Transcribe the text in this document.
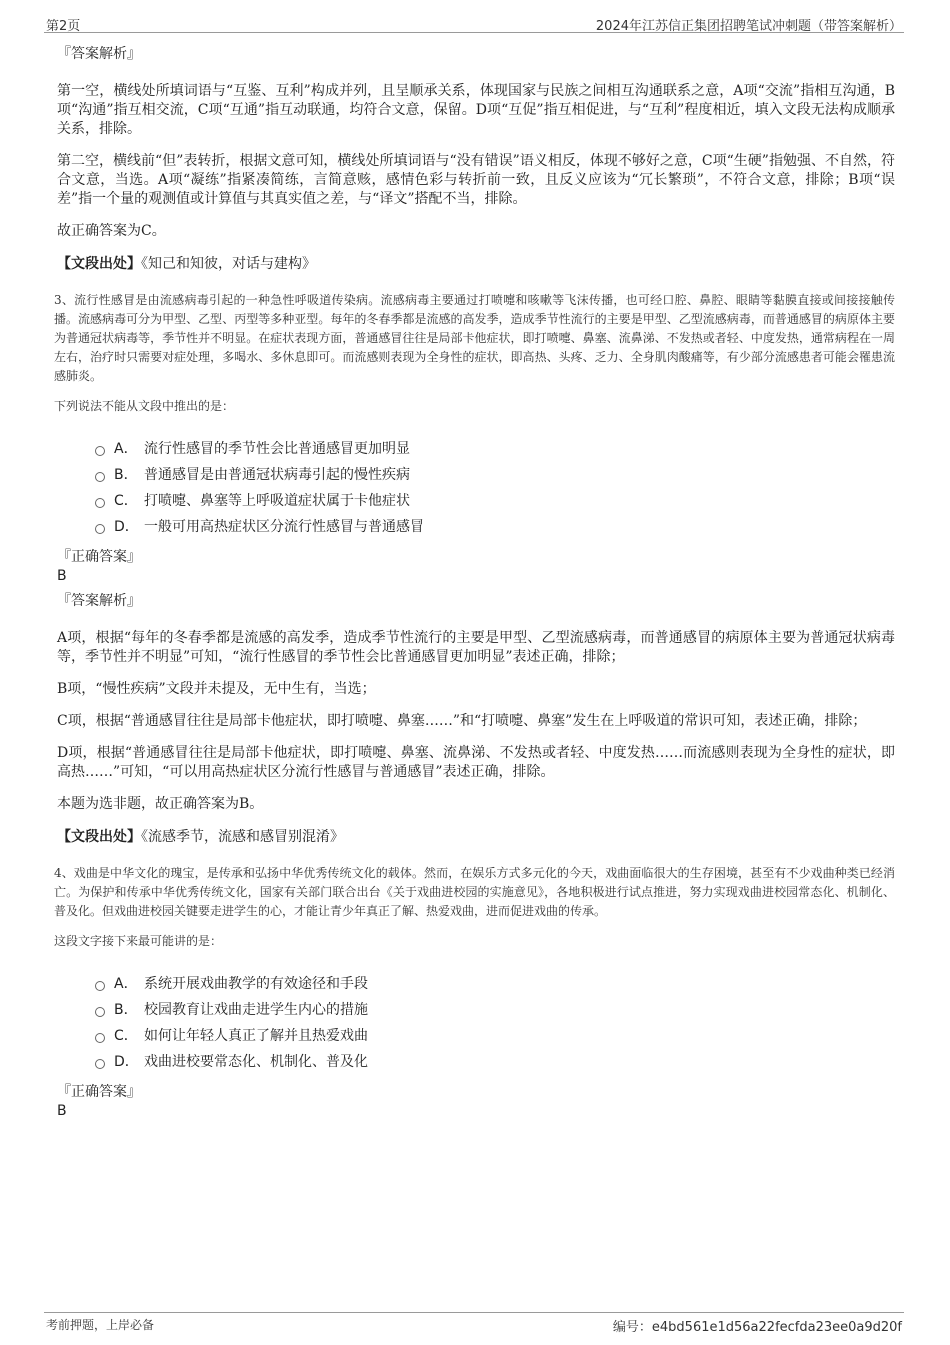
第2页	2024年江苏信正集团招聘笔试冲刺题（带答案解析）
『答案解析』

第一空，横线处所填词语与“互鉴、互利”构成并列，且呈顺承关系，体现国家与民族之间相互沟通联系之意，A项“交流”指相互沟通，B项“沟通”指互相交流，C项“互通”指互动联通，均符合文意，保留。D项“互促”指互相促进，与“互利”程度相近，填入文段无法构成顺承关系，排除。

第二空，横线前“但”表转折，根据文意可知，横线处所填词语与“没有错误”语义相反，体现不够好之意，C项“生硬”指勉强、不自然，符合文意，当选。A项“凝练”指紧凑简练，言简意赅，感情色彩与转折前一致，且反义应该为“冗长繁琐”，不符合文意，排除；B项“误差”指一个量的观测值或计算值与其真实值之差，与“译文”搭配不当，排除。

故正确答案为C。

【文段出处】《知己和知彼，对话与建构》

3、流行性感冒是由流感病毒引起的一种急性呼吸道传染病。流感病毒主要通过打喷嚏和咳嗽等飞沫传播，也可经口腔、鼻腔、眼睛等黏膜直接或间接接触传播。流感病毒可分为甲型、乙型、丙型等多种亚型。每年的冬春季都是流感的高发季，造成季节性流行的主要是甲型、乙型流感病毒，而普通感冒的病原体主要为普通冠状病毒等，季节性并不明显。在症状表现方面，普通感冒往往是局部卡他症状，即打喷嚏、鼻塞、流鼻涕、不发热或者轻、中度发热，通常病程在一周左右，治疗时只需要对症处理，多喝水、多休息即可。而流感则表现为全身性的症状，即高热、头疼、乏力、全身肌肉酸痛等，有少部分流感患者可能会罹患流感肺炎。

下列说法不能从文段中推出的是：
A． 流行性感冒的季节性会比普通感冒更加明显
B． 普通感冒是由普通冠状病毒引起的慢性疾病
C． 打喷嚏、鼻塞等上呼吸道症状属于卡他症状
D． 一般可用高热症状区分流行性感冒与普通感冒
『正确答案』
B
『答案解析』

A项，根据“每年的冬春季都是流感的高发季，造成季节性流行的主要是甲型、乙型流感病毒，而普通感冒的病原体主要为普通冠状病毒等，季节性并不明显”可知，“流行性感冒的季节性会比普通感冒更加明显”表述正确，排除；

B项，“慢性疾病”文段并未提及，无中生有，当选；

C项，根据“普通感冒往往是局部卡他症状，即打喷嚏、鼻塞……”和“打喷嚏、鼻塞”发生在上呼吸道的常识可知，表述正确，排除；

D项，根据“普通感冒往往是局部卡他症状，即打喷嚏、鼻塞、流鼻涕、不发热或者轻、中度发热……而流感则表现为全身性的症状，即高热……”可知，“可以用高热症状区分流行性感冒与普通感冒”表述正确，排除。

本题为选非题，故正确答案为B。

【文段出处】《流感季节，流感和感冒别混淆》

4、戏曲是中华文化的瑰宝，是传承和弘扬中华优秀传统文化的载体。然而，在娱乐方式多元化的今天，戏曲面临很大的生存困境，甚至有不少戏曲种类已经消亡。为保护和传承中华优秀传统文化，国家有关部门联合出台《关于戏曲进校园的实施意见》，各地积极进行试点推进，努力实现戏曲进校园常态化、机制化、普及化。但戏曲进校园关键要走进学生的心，才能让青少年真正了解、热爱戏曲，进而促进戏曲的传承。

这段文字接下来最可能讲的是：
A． 系统开展戏曲教学的有效途径和手段
B． 校园教育让戏曲走进学生内心的措施
C． 如何让年轻人真正了解并且热爱戏曲
D． 戏曲进校要常态化、机制化、普及化
『正确答案』
B
考前押题，上岸必备	编号：e4bd561e1d56a22fecfda23ee0a9d20f
